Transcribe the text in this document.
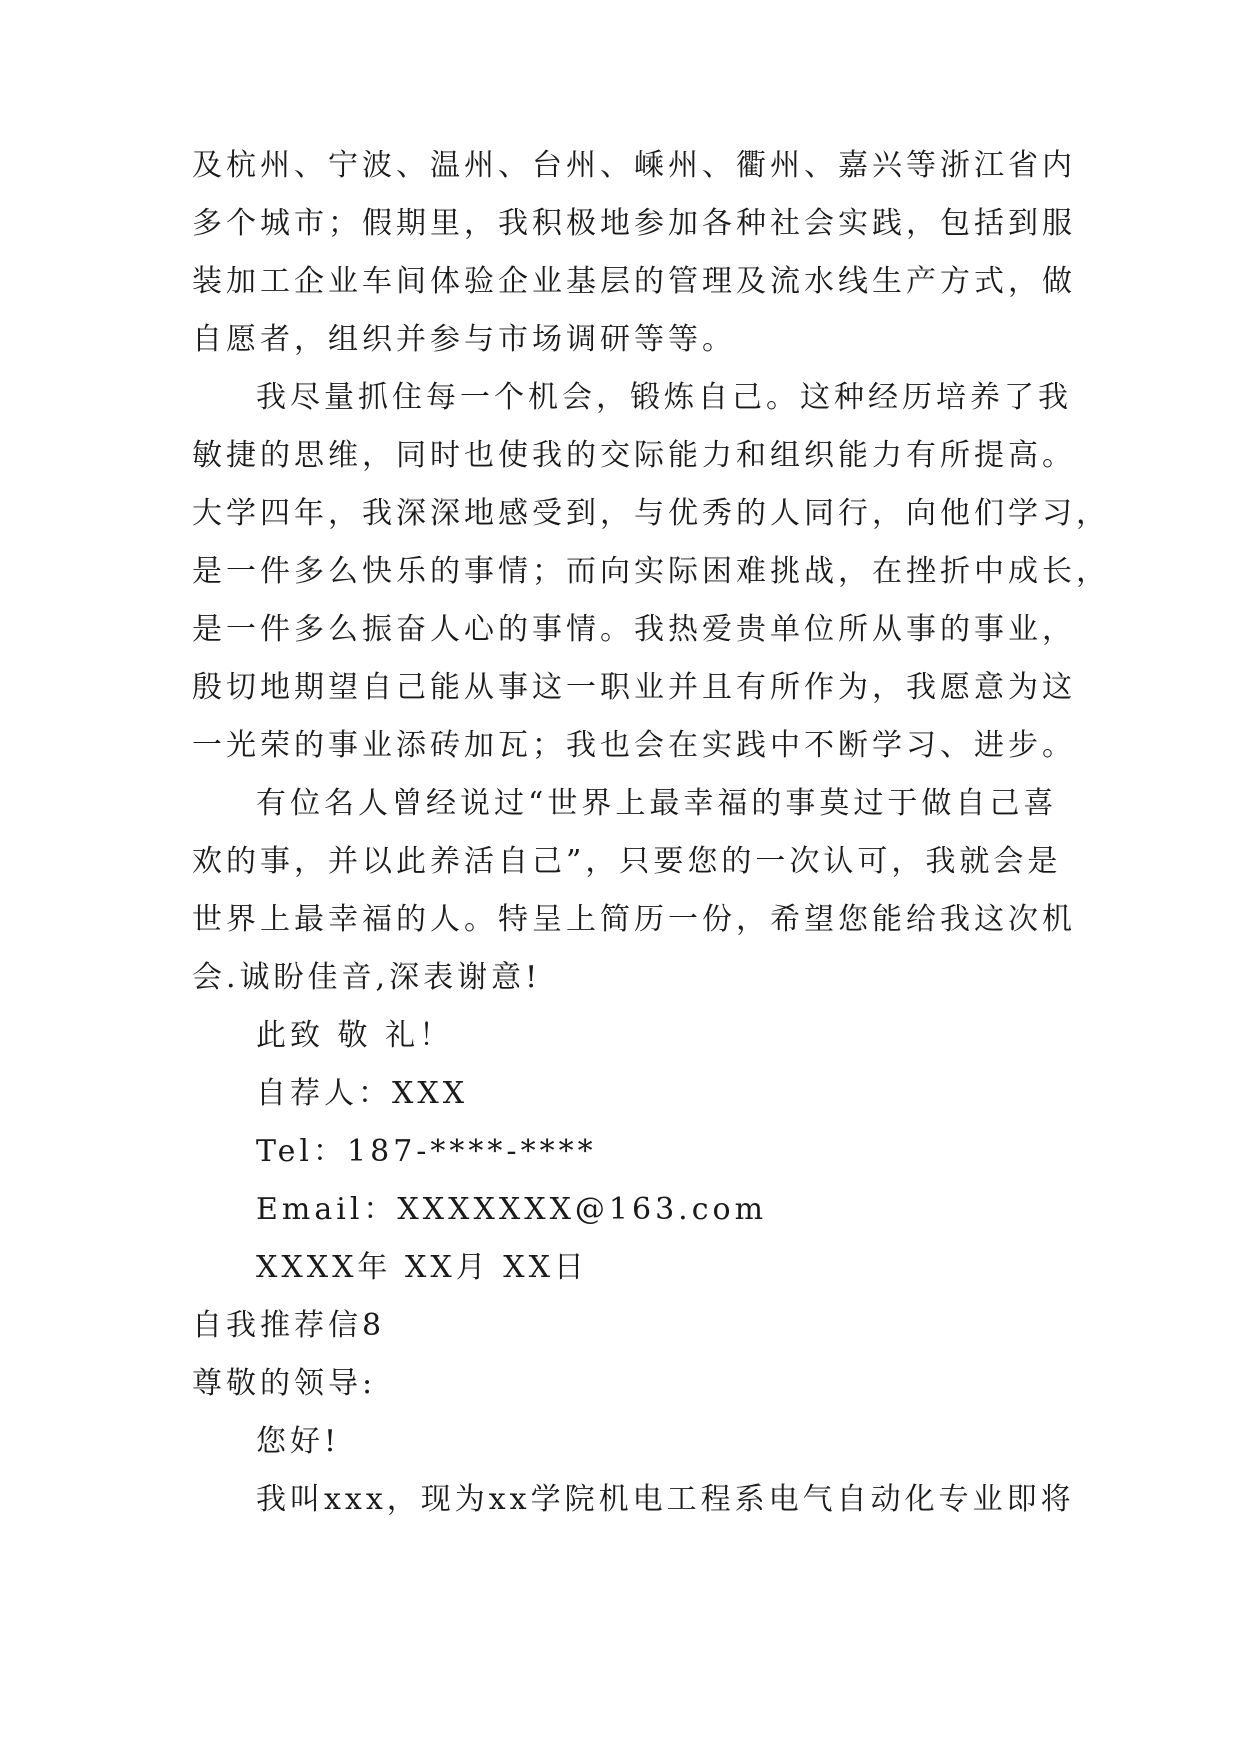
及杭州、宁波、温州、台州、嵊州、衢州、嘉兴等浙江省内
多个城市；假期里，我积极地参加各种社会实践，包括到服
装加工企业车间体验企业基层的管理及流水线生产方式，做
自愿者，组织并参与市场调研等等。
我尽量抓住每一个机会，锻炼自己。这种经历培养了我
敏捷的思维，同时也使我的交际能力和组织能力有所提高。
大学四年，我深深地感受到，与优秀的人同行，向他们学习，
是一件多么快乐的事情；而向实际困难挑战，在挫折中成长，
是一件多么振奋人心的事情。我热爱贵单位所从事的事业，
殷切地期望自己能从事这一职业并且有所作为，我愿意为这
一光荣的事业添砖加瓦；我也会在实践中不断学习、进步。
有位名人曾经说过“世界上最幸福的事莫过于做自己喜
欢的事，并以此养活自己”，只要您的一次认可，我就会是
世界上最幸福的人。特呈上简历一份，希望您能给我这次机
会.诚盼佳音,深表谢意!
此致 敬 礼！
自荐人：XXX
Tel：187-****-****
Email：XXXXXXX@163.com
XXXX年 XX月 XX日
自我推荐信8
尊敬的领导:
您好!
我叫xxx，现为xx学院机电工程系电气自动化专业即将
